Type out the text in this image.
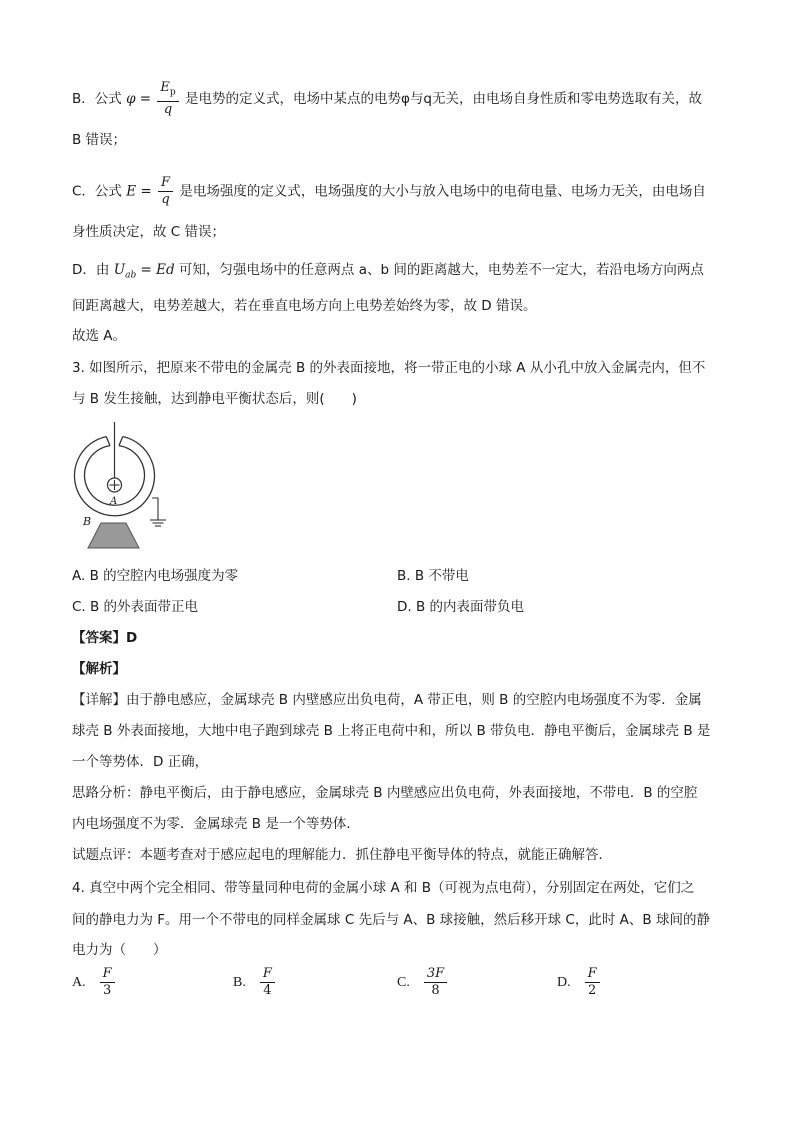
B．公式 $\varphi = \frac{E_p}{q}$ 是电势的定义式，电场中某点的电势φ与q无关，由电场自身性质和零电势选取有关，故
B 错误；
C．公式 $E = \frac{F}{q}$ 是电场强度的定义式，电场强度的大小与放入电场中的电荷电量、电场力无关，由电场自
身性质决定，故 C 错误；
D．由 $U_{ab} = Ed$ 可知，匀强电场中的任意两点 a、b 间的距离越大，电势差不一定大，若沿电场方向两点
间距离越大，电势差越大，若在垂直电场方向上电势差始终为零，故 D 错误。
故选 A。
3. 如图所示，把原来不带电的金属壳 B 的外表面接地，将一带正电的小球 A 从小孔中放入金属壳内，但不
与 B 发生接触，达到静电平衡状态后，则(　　)
A
B
A. B 的空腔内电场强度为零	B. B 不带电
C. B 的外表面带正电	D. B 的内表面带负电
【答案】D
【解析】
【详解】由于静电感应，金属球壳 B 内壁感应出负电荷，A 带正电，则 B 的空腔内电场强度不为零．金属
球壳 B 外表面接地，大地中电子跑到球壳 B 上将正电荷中和，所以 B 带负电．静电平衡后，金属球壳 B 是
一个等势体．D 正确，
思路分析：静电平衡后，由于静电感应，金属球壳 B 内壁感应出负电荷，外表面接地，不带电．B 的空腔
内电场强度不为零．金属球壳 B 是一个等势体．
试题点评：本题考查对于感应起电的理解能力．抓住静电平衡导体的特点，就能正确解答．
4. 真空中两个完全相同、带等量同种电荷的金属小球 A 和 B（可视为点电荷），分别固定在两处，它们之
间的静电力为 F。用一个不带电的同样金属球 C 先后与 A、B 球接触，然后移开球 C，此时 A、B 球间的静
电力为（　　）
A. $\frac{F}{3}$	B. $\frac{F}{4}$	C. $\frac{3F}{8}$	D. $\frac{F}{2}$
